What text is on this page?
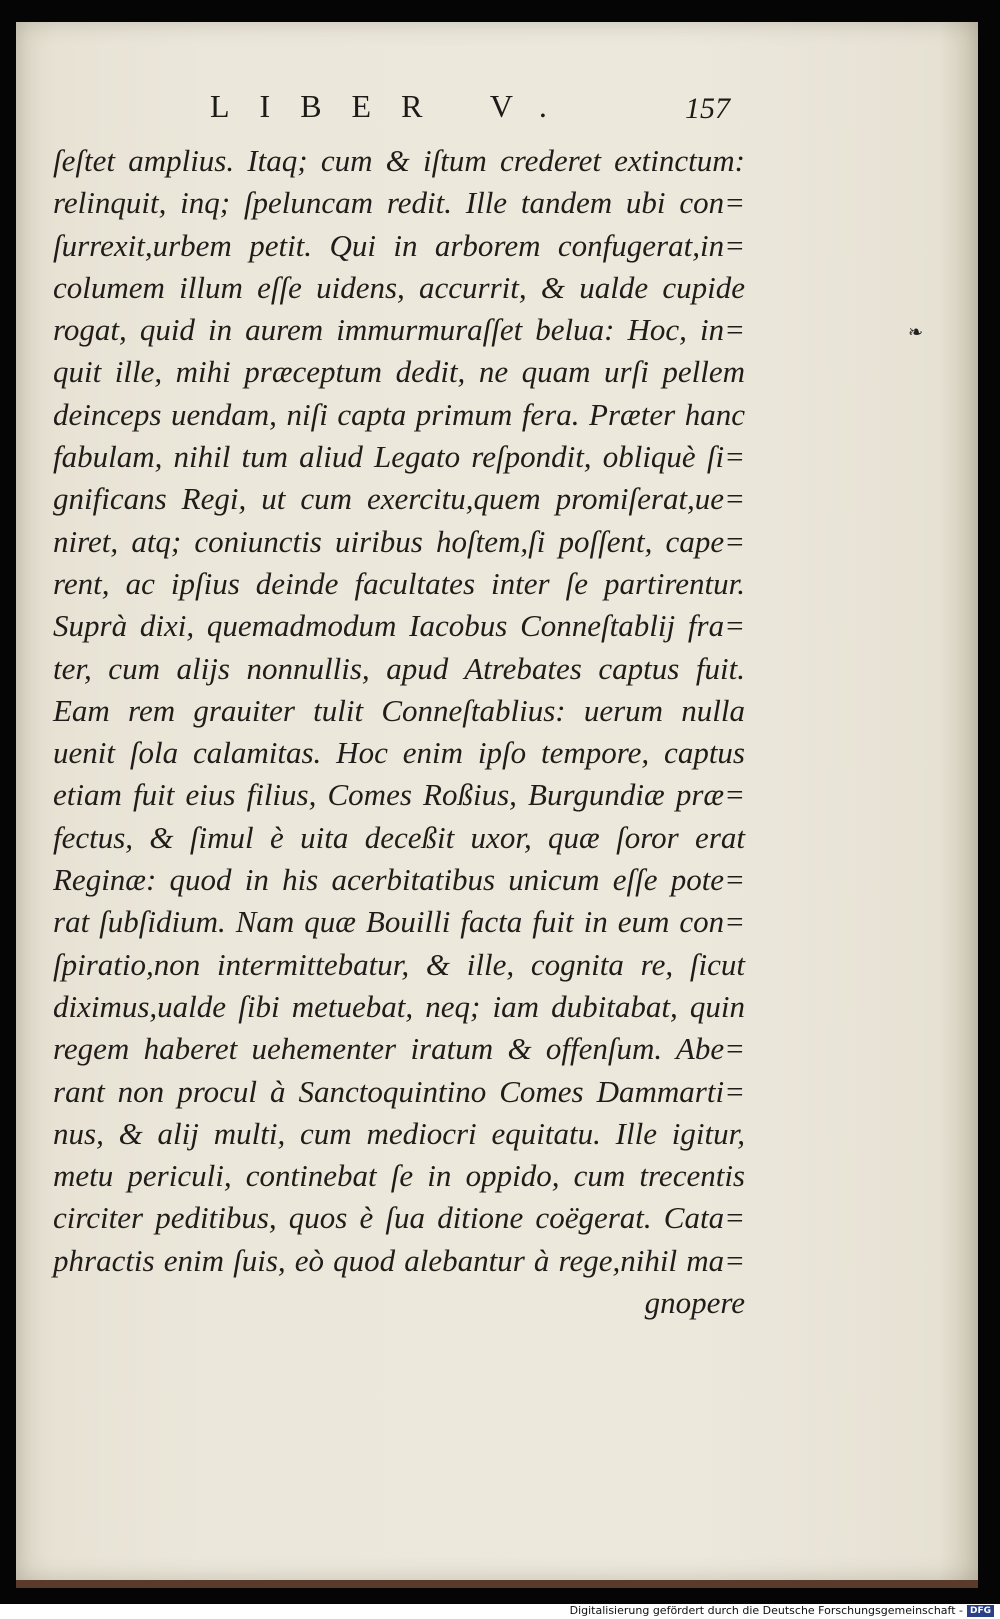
LIBER V.	157
❧
ſeſtet amplius. Itaq; cum & iſtum crederet extinctum:
relinquit, inq; ſpeluncam redit. Ille tandem ubi con=
ſurrexit,urbem petit. Qui in arborem confugerat,in=
columem illum eſſe uidens, accurrit, & ualde cupide
rogat, quid in aurem immurmuraſſet belua: Hoc, in=
quit ille, mihi præceptum dedit, ne quam urſi pellem
deinceps uendam, niſi capta primum fera. Præter hanc
fabulam, nihil tum aliud Legato reſpondit, obliquè ſi=
gnificans Regi, ut cum exercitu,quem promiſerat,ue=
niret, atq; coniunctis uiribus hoſtem,ſi poſſent, cape=
rent, ac ipſius deinde facultates inter ſe partirentur.
Suprà dixi, quemadmodum Iacobus Conneſtablij fra=
ter, cum alijs nonnullis, apud Atrebates captus fuit.
Eam rem grauiter tulit Conneſtablius: uerum nulla
uenit ſola calamitas. Hoc enim ipſo tempore, captus
etiam fuit eius filius, Comes Roßius, Burgundiæ præ=
fectus, & ſimul è uita deceßit uxor, quæ ſoror erat
Reginæ: quod in his acerbitatibus unicum eſſe pote=
rat ſubſidium. Nam quæ Bouilli facta fuit in eum con=
ſpiratio,non intermittebatur, & ille, cognita re, ſicut
diximus,ualde ſibi metuebat, neq; iam dubitabat, quin
regem haberet uehementer iratum & offenſum. Abe=
rant non procul à Sanctoquintino Comes Dammarti=
nus, & alij multi, cum mediocri equitatu. Ille igitur,
metu periculi, continebat ſe in oppido, cum trecentis
circiter peditibus, quos è ſua ditione coëgerat. Cata=
phractis enim ſuis, eò quod alebantur à rege,nihil ma=
gnopere
Digitalisierung gefördert durch die Deutsche Forschungsgemeinschaft - DFG
